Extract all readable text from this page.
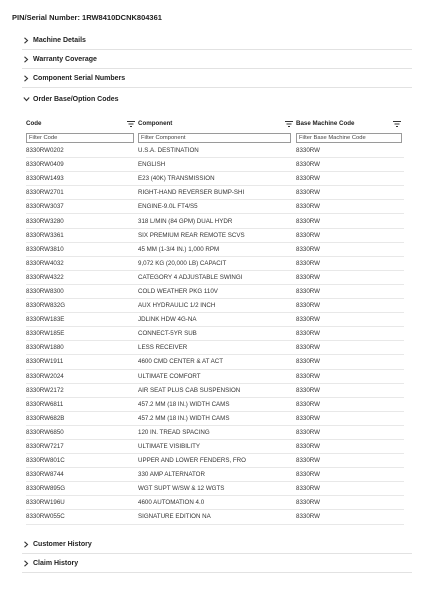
PIN/Serial Number: 1RW8410DCNK804361
Machine Details
Warranty Coverage
Component Serial Numbers
Order Base/Option Codes
Code	Component	Base Machine Code
Filter Code
Filter Component
Filter Base Machine Code
8330RW0202	U.S.A. DESTINATION	8330RW
8330RW0409	ENGLISH	8330RW
8330RW1493	E23 (40K) TRANSMISSION	8330RW
8330RW2701	RIGHT-HAND REVERSER BUMP-SHI	8330RW
8330RW3037	ENGINE-9.0L FT4/S5	8330RW
8330RW3280	318 L/MIN (84 GPM) DUAL HYDR	8330RW
8330RW3361	SIX PREMIUM REAR REMOTE SCVS	8330RW
8330RW3810	45 MM (1-3/4 IN.) 1,000 RPM	8330RW
8330RW4032	9,072 KG (20,000 LB) CAPACIT	8330RW
8330RW4322	CATEGORY 4 ADJUSTABLE SWINGI	8330RW
8330RW8300	COLD WEATHER PKG 110V	8330RW
8330RW832G	AUX HYDRAULIC 1/2 INCH	8330RW
8330RW183E	JDLINK HDW 4G-NA	8330RW
8330RW185E	CONNECT-5YR SUB	8330RW
8330RW1880	LESS RECEIVER	8330RW
8330RW1911	4600 CMD CENTER & AT ACT	8330RW
8330RW2024	ULTIMATE COMFORT	8330RW
8330RW2172	AIR SEAT PLUS CAB SUSPENSION	8330RW
8330RW6811	457.2 MM (18 IN.) WIDTH CAMS	8330RW
8330RW682B	457.2 MM (18 IN.) WIDTH CAMS	8330RW
8330RW6850	120 IN. TREAD SPACING	8330RW
8330RW7217	ULTIMATE VISIBILITY	8330RW
8330RW801C	UPPER AND LOWER FENDERS, FRO	8330RW
8330RW8744	330 AMP ALTERNATOR	8330RW
8330RW895G	WGT SUPT W/SW & 12 WGTS	8330RW
8330RW196U	4600 AUTOMATION 4.0	8330RW
8330RW055C	SIGNATURE EDITION NA	8330RW
Customer History
Claim History
